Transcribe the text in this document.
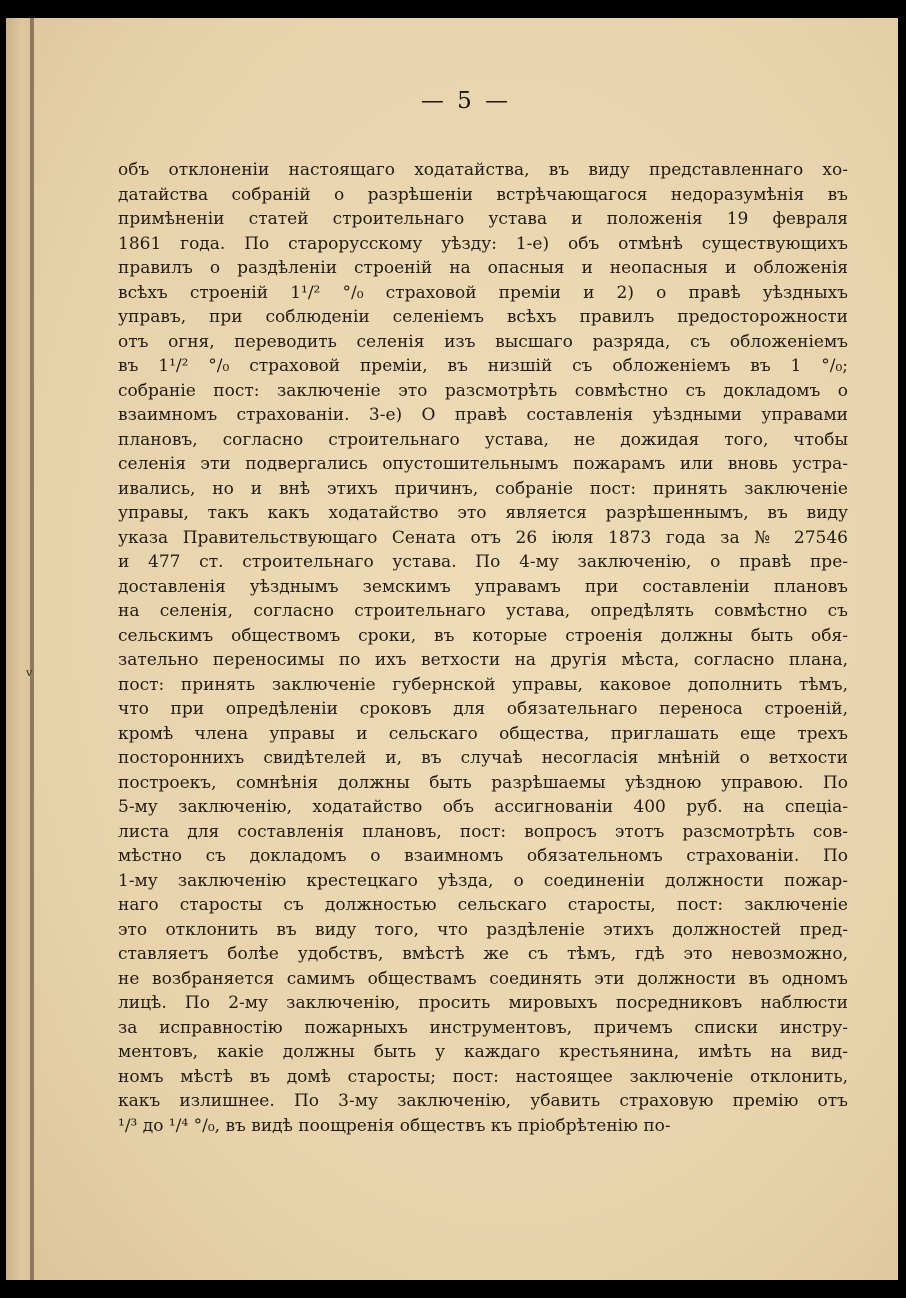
— 5 —
объ отклоненіи настоящаго ходатайства, въ виду представленнаго хо-
датайства собраній о разрѣшеніи встрѣчающагося недоразумѣнія въ
примѣненіи статей строительнаго устава и положенія 19 февраля
1861 года. По старорусскому уѣзду: 1-е) объ отмѣнѣ существующихъ
правилъ о раздѣленіи строеній на опасныя и неопасныя и обложенія
всѣхъ строеній 1¹/² °/₀ страховой преміи и 2) о правѣ уѣздныхъ
управъ, при соблюденіи селеніемъ всѣхъ правилъ предосторожности
отъ огня, переводить селенія изъ высшаго разряда, съ обложеніемъ
въ 1¹/² °/₀ страховой преміи, въ низшій съ обложеніемъ въ 1 °/₀;
собраніе пост: заключеніе это разсмотрѣть совмѣстно съ докладомъ о
взаимномъ страхованіи. 3-е) О правѣ составленія уѣздными управами
плановъ, согласно строительнаго устава, не дожидая того, чтобы
селенія эти подвергались опустошительнымъ пожарамъ или вновь устра-
ивались, но и внѣ этихъ причинъ, собраніе пост: принять заключеніе
управы, такъ какъ ходатайство это является разрѣшеннымъ, въ виду
указа Правительствующаго Сената отъ 26 іюля 1873 года за № 27546
и 477 ст. строительнаго устава. По 4-му заключенію, о правѣ пре-
доставленія уѣзднымъ земскимъ управамъ при составленіи плановъ
на селенія, согласно строительнаго устава, опредѣлять совмѣстно съ
сельскимъ обществомъ сроки, въ которые строенія должны быть обя-
зательно переносимы по ихъ ветхости на другія мѣста, согласно плана,
пост: принять заключеніе губернской управы, каковое дополнить тѣмъ,
что при опредѣленіи сроковъ для обязательнаго переноса строеній,
кромѣ члена управы и сельскаго общества, приглашать еще трехъ
постороннихъ свидѣтелей и, въ случаѣ несогласія мнѣній о ветхости
построекъ, сомнѣнія должны быть разрѣшаемы уѣздною управою. По
5-му заключенію, ходатайство объ ассигнованіи 400 руб. на спеціа-
листа для составленія плановъ, пост: вопросъ этотъ разсмотрѣть сов-
мѣстно съ докладомъ о взаимномъ обязательномъ страхованіи. По
1-му заключенію крестецкаго уѣзда, о соединеніи должности пожар-
наго старосты съ должностью сельскаго старосты, пост: заключеніе
это отклонить въ виду того, что раздѣленіе этихъ должностей пред-
ставляетъ болѣе удобствъ, вмѣстѣ же съ тѣмъ, гдѣ это невозможно,
не возбраняется самимъ обществамъ соединять эти должности въ одномъ
лицѣ. По 2-му заключенію, просить мировыхъ посредниковъ наблюсти
за исправностію пожарныхъ инструментовъ, причемъ списки инстру-
ментовъ, какіе должны быть у каждаго крестьянина, имѣть на вид-
номъ мѣстѣ въ домѣ старосты; пост: настоящее заключеніе отклонить,
какъ излишнее. По 3-му заключенію, убавить страховую премію отъ
¹/³ до ¹/⁴ °/₀, въ видѣ поощренія обществъ къ пріобрѣтенію по-
ᵥ
